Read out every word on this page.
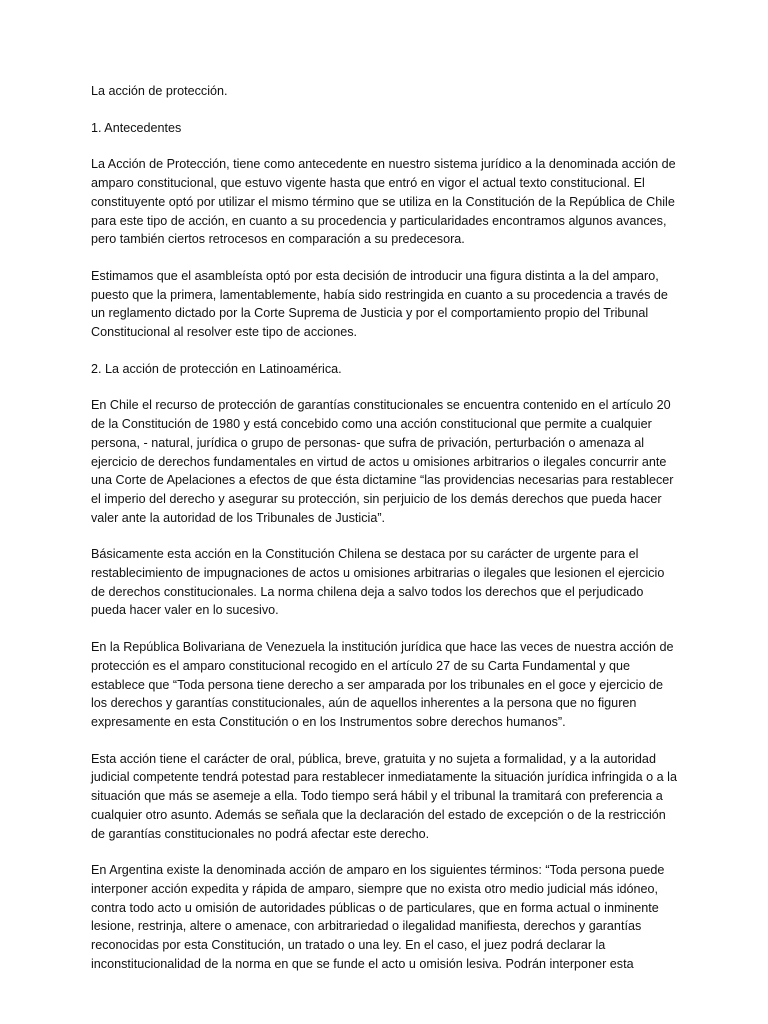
La acción de protección.
1. Antecedentes

La Acción de Protección, tiene como antecedente en nuestro sistema jurídico a la denominada acción de amparo constitucional, que estuvo vigente hasta que entró en vigor el actual texto constitucional. El constituyente optó por utilizar el mismo término que se utiliza en la Constitución de la República de Chile para este tipo de acción, en cuanto a su procedencia y particularidades encontramos algunos avances, pero también ciertos retrocesos en comparación a su predecesora.

Estimamos que el asambleísta optó por esta decisión de introducir una figura distinta a la del amparo, puesto que la primera, lamentablemente, había sido restringida en cuanto a su procedencia a través de un reglamento dictado por la Corte Suprema de Justicia y por el comportamiento propio del Tribunal Constitucional al resolver este tipo de acciones.

2. La acción de protección en Latinoamérica.

En Chile el recurso de protección de garantías constitucionales se encuentra contenido en el artículo 20 de la Constitución de 1980 y está concebido como una acción constitucional que permite a cualquier persona, - natural, jurídica o grupo de personas- que sufra de privación, perturbación o amenaza al ejercicio de derechos fundamentales en virtud de actos u omisiones arbitrarios o ilegales concurrir ante una Corte de Apelaciones a efectos de que ésta dictamine “las providencias necesarias para restablecer el imperio del derecho y asegurar su protección, sin perjuicio de los demás derechos que pueda hacer valer ante la autoridad de los Tribunales de Justicia”.

Básicamente esta acción en la Constitución Chilena se destaca por su carácter de urgente para el restablecimiento de impugnaciones de actos u omisiones arbitrarias o ilegales que lesionen el ejercicio de derechos constitucionales. La norma chilena deja a salvo todos los derechos que el perjudicado pueda hacer valer en lo sucesivo.

En la República Bolivariana de Venezuela la institución jurídica que hace las veces de nuestra acción de protección es el amparo constitucional recogido en el artículo 27 de su Carta Fundamental y que establece que “Toda persona tiene derecho a ser amparada por los tribunales en el goce y ejercicio de los derechos y garantías constitucionales, aún de aquellos inherentes a la persona que no figuren expresamente en esta Constitución o en los Instrumentos sobre derechos humanos”.

Esta acción tiene el carácter de oral, pública, breve, gratuita y no sujeta a formalidad, y a la autoridad judicial competente tendrá potestad para restablecer inmediatamente la situación jurídica infringida o a la situación que más se asemeje a ella. Todo tiempo será hábil y el tribunal la tramitará con preferencia a cualquier otro asunto. Además se señala que la declaración del estado de excepción o de la restricción de garantías constitucionales no podrá afectar este derecho.

En Argentina existe la denominada acción de amparo en los siguientes términos: “Toda persona puede interponer acción expedita y rápida de amparo, siempre que no exista otro medio judicial más idóneo, contra todo acto u omisión de autoridades públicas o de particulares, que en forma actual o inminente lesione, restrinja, altere o amenace, con arbitrariedad o ilegalidad manifiesta, derechos y garantías reconocidas por esta Constitución, un tratado o una ley. En el caso, el juez podrá declarar la inconstitucionalidad de la norma en que se funde el acto u omisión lesiva. Podrán interponer esta
